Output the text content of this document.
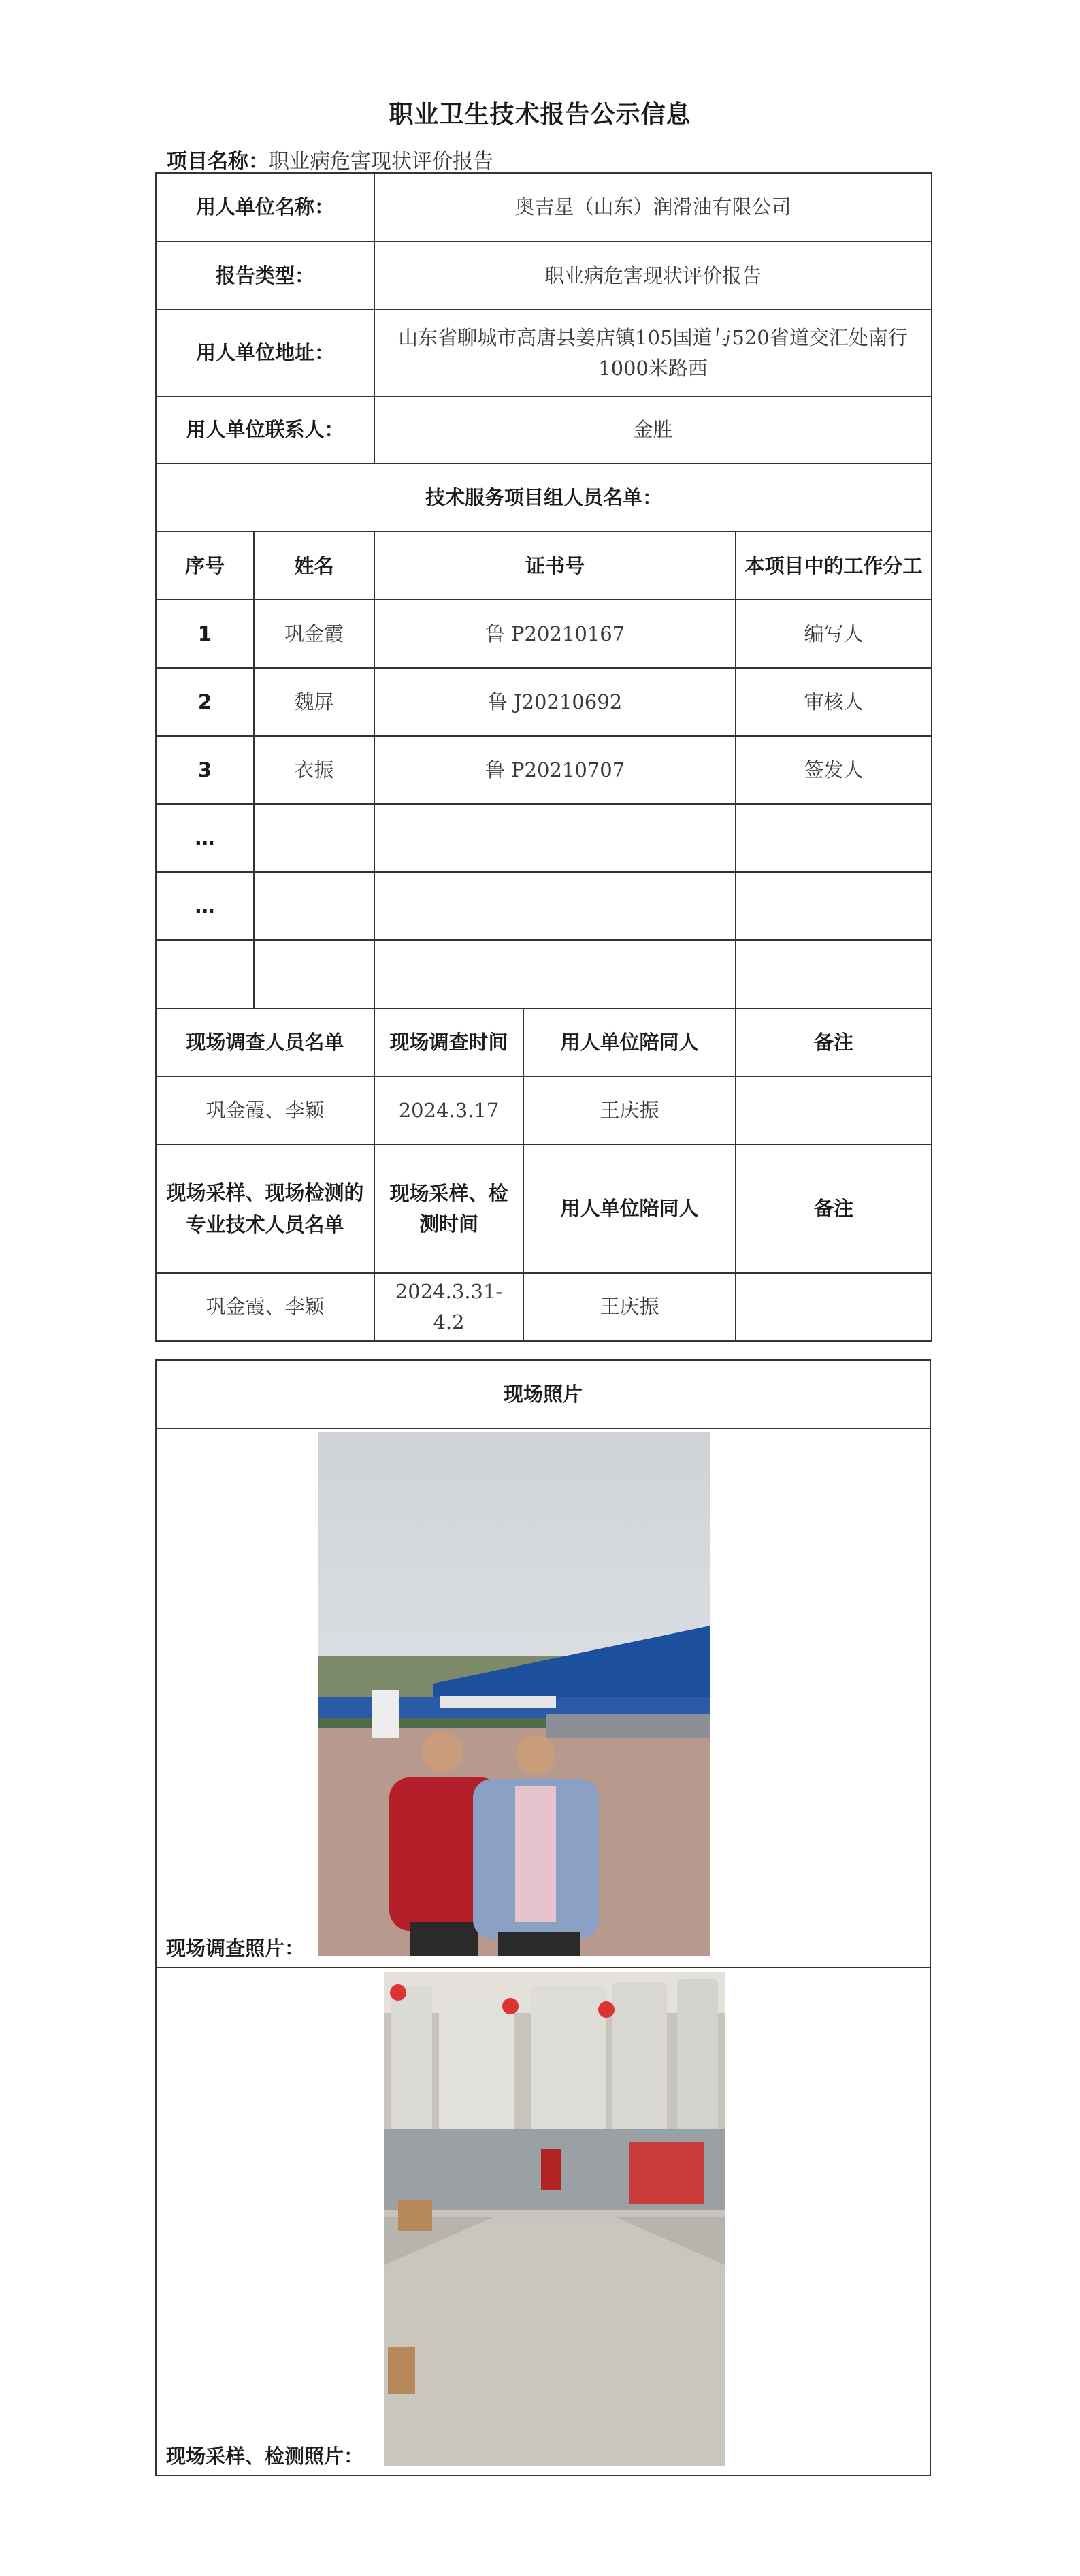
职业卫生技术报告公示信息
项目名称：职业病危害现状评价报告
用人单位名称：		奥吉星（山东）润滑油有限公司		
报告类型：		职业病危害现状评价报告		
用人单位地址：		山东省聊城市高唐县姜店镇105国道与520省道交汇处南行1000米路西		
用人单位联系人：		金胜		
技术服务项目组人员名单：				
序号	姓名	证书号		本项目中的工作分工
1	巩金霞	鲁 P20210167		编写人
2	魏屏	鲁 J20210692		审核人
3	衣振	鲁 P20210707		签发人
…				
…				

现场调查人员名单		现场调查时间	用人单位陪同人	备注
巩金霞、李颖		2024.3.17	王庆振	
现场采样、现场检测的专业技术人员名单		现场采样、检测时间	用人单位陪同人	备注
巩金霞、李颖		2024.3.31-4.2	王庆振	
现场照片

现场调查照片：

现场采样、检测照片：
